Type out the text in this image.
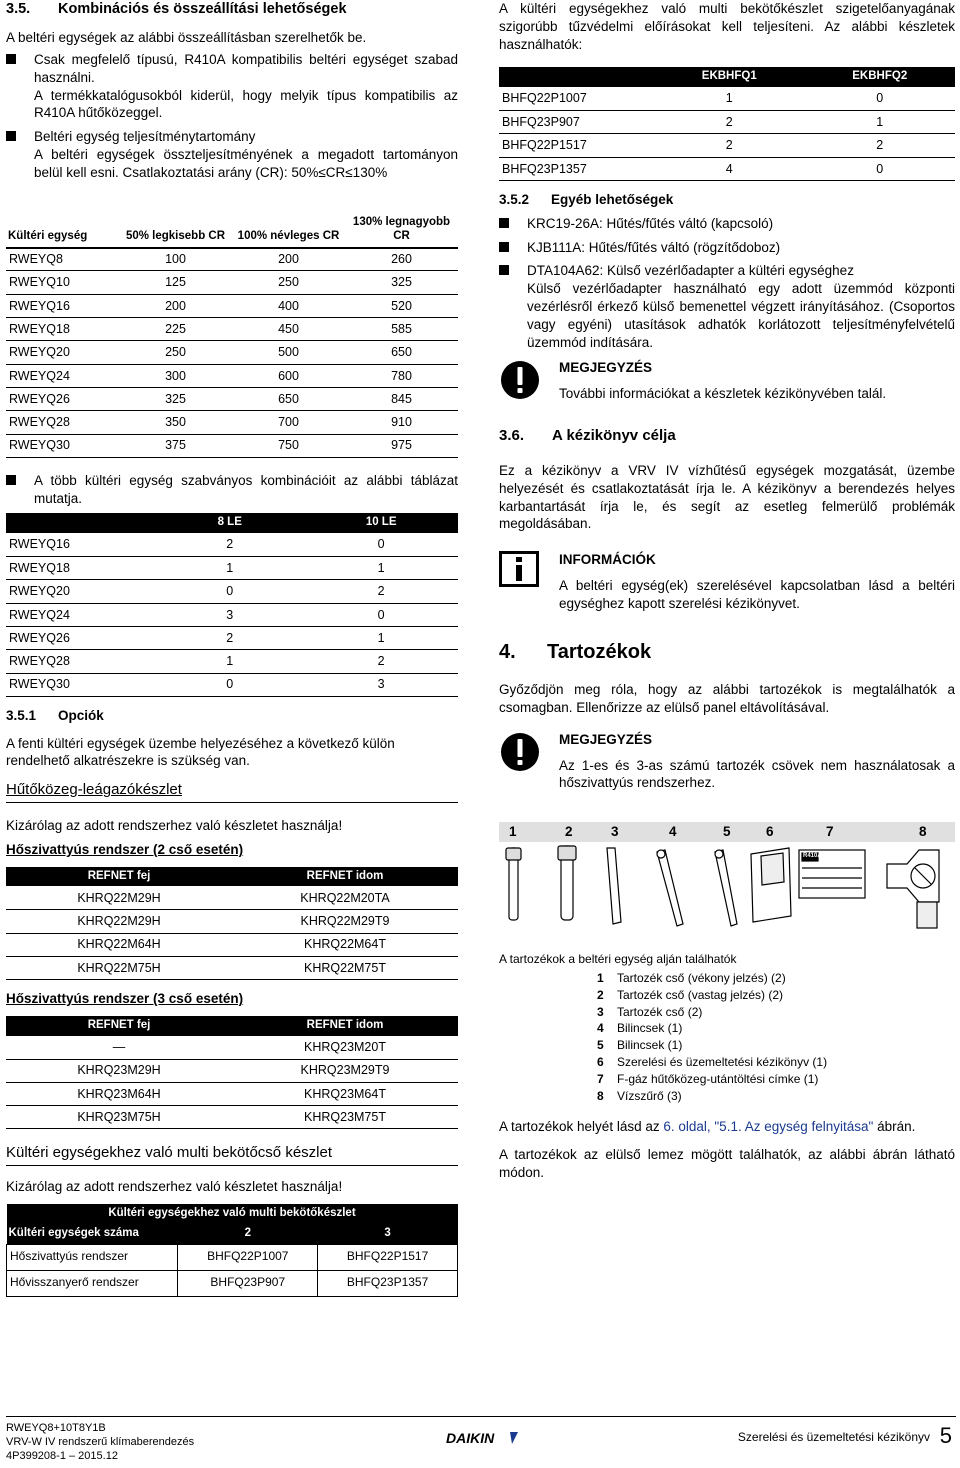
3.5.	Kombinációs és összeállítási lehetőségek
A beltéri egységek az alábbi összeállításban szerelhetők be.
Csak megfelelő típusú, R410A kompatibilis beltéri egységet szabad használni.
A termékkatalógusokból kiderül, hogy melyik típus kompatibilis az R410A hűtőközeggel.
Beltéri egység teljesítménytartomány
A beltéri egységek összteljesítményének a megadott tartományon belül kell esni. Csatlakoztatási arány (CR): 50%≤CR≤130%
Kültéri egység	50% legkisebb CR	100% névleges CR	130% legnagyobb CR
RWEYQ8	100	200	260
RWEYQ10	125	250	325
RWEYQ16	200	400	520
RWEYQ18	225	450	585
RWEYQ20	250	500	650
RWEYQ24	300	600	780
RWEYQ26	325	650	845
RWEYQ28	350	700	910
RWEYQ30	375	750	975
A több kültéri egység szabványos kombinációit az alábbi táblázat mutatja.
	8 LE	10 LE
RWEYQ16	2	0
RWEYQ18	1	1
RWEYQ20	0	2
RWEYQ24	3	0
RWEYQ26	2	1
RWEYQ28	1	2
RWEYQ30	0	3
3.5.1	Opciók
A fenti kültéri egységek üzembe helyezéséhez a következő külön rendelhető alkatrészekre is szükség van.
Hűtőközeg-leágazókészlet
Kizárólag az adott rendszerhez való készletet használja!
Hőszivattyús rendszer (2 cső esetén)
REFNET fej	REFNET idom
KHRQ22M29H	KHRQ22M20TA
KHRQ22M29H	KHRQ22M29T9
KHRQ22M64H	KHRQ22M64T
KHRQ22M75H	KHRQ22M75T
Hőszivattyús rendszer (3 cső esetén)
REFNET fej	REFNET idom
—	KHRQ23M20T
KHRQ23M29H	KHRQ23M29T9
KHRQ23M64H	KHRQ23M64T
KHRQ23M75H	KHRQ23M75T
Kültéri egységekhez való multi bekötőcső készlet
Kizárólag az adott rendszerhez való készletet használja!
Kültéri egységekhez való multi bekötőkészlet		
Kültéri egységek száma	2	3
Hőszivattyús rendszer	BHFQ22P1007	BHFQ22P1517
Hővisszanyerő rendszer	BHFQ23P907	BHFQ23P1357
A kültéri egységekhez való multi bekötőkészlet szigetelőanyagának szigorúbb tűzvédelmi előírásokat kell teljesíteni. Az alábbi készletek használhatók:
	EKBHFQ1	EKBHFQ2
BHFQ22P1007	1	0
BHFQ23P907	2	1
BHFQ22P1517	2	2
BHFQ23P1357	4	0
3.5.2	Egyéb lehetőségek
KRC19-26A: Hűtés/fűtés váltó (kapcsoló)
KJB111A: Hűtés/fűtés váltó (rögzítődoboz)
DTA104A62: Külső vezérlőadapter a kültéri egységhez
Külső vezérlőadapter használható egy adott üzemmód központi vezérlésről érkező külső bemenettel végzett irányításához. (Csoportos vagy egyéni) utasítások adhatók korlátozott teljesítményfelvételű üzemmód indítására.
MEGJEGYZÉS
További információkat a készletek kézikönyvében talál.
3.6.	A kézikönyv célja
Ez a kézikönyv a VRV IV vízhűtésű egységek mozgatását, üzembe helyezését és csatlakoztatását írja le. A kézikönyv a berendezés helyes karbantartását írja le, és segít az esetleg felmerülő problémák megoldásában.
INFORMÁCIÓK
A beltéri egység(ek) szerelésével kapcsolatban lásd a beltéri egységhez kapott szerelési kézikönyvet.
4.	Tartozékok
Győződjön meg róla, hogy az alábbi tartozékok is megtalálhatók a csomagban. Ellenőrizze az elülső panel eltávolításával.
MEGJEGYZÉS
Az 1-es és 3-as számú tartozék csövek nem használatosak a hőszivattyús rendszerhez.
1	2	3	4	5	6	7	8
R410A
A tartozékok a beltéri egység alján találhatók
1	Tartozék cső (vékony jelzés) (2)
2	Tartozék cső (vastag jelzés) (2)
3	Tartozék cső (2)
4	Bilincsek (1)
5	Bilincsek (1)
6	Szerelési és üzemeltetési kézikönyv (1)
7	F-gáz hűtőközeg-utántöltési címke (1)
8	Vízszűrő (3)
A tartozékok helyét lásd az 6. oldal, "5.1. Az egység felnyitása" ábrán.
A tartozékok az elülső lemez mögött találhatók, az alábbi ábrán látható módon.
RWEYQ8+10T8Y1B
VRV-W IV rendszerű klímaberendezés
4P399208-1 – 2015.12
DAIKIN	Szerelési és üzemeltetési kézikönyv 5
